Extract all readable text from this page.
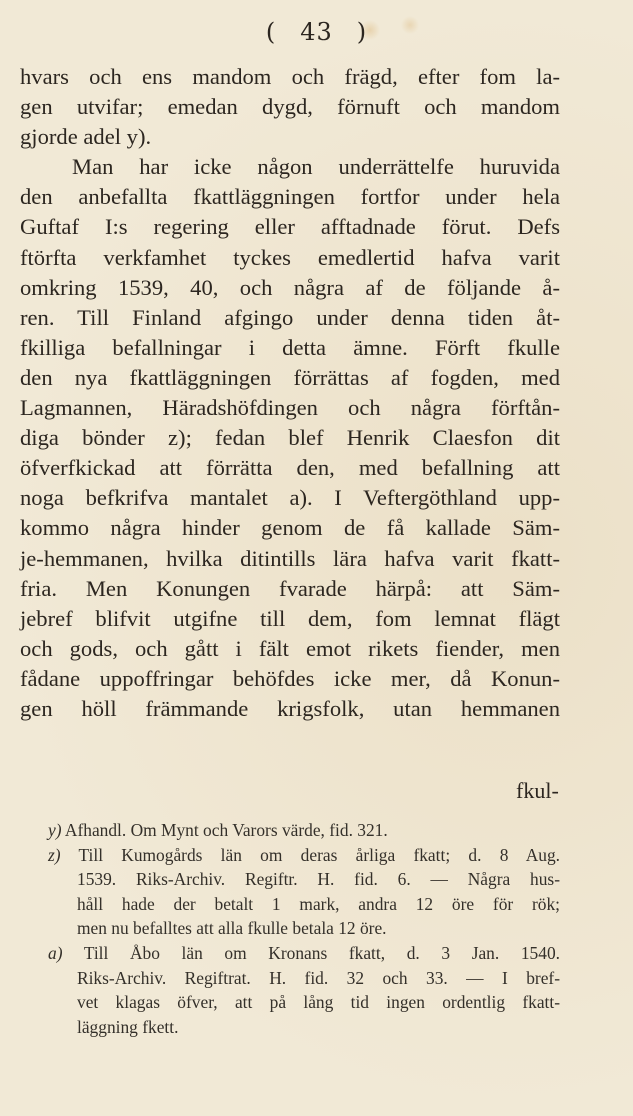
( 43 )
hvars och ens mandom och frägd, efter fom la-
gen utvifar; emedan dygd, förnuft och mandom
gjorde adel y).
Man har icke någon underrättelfe huruvida
den anbefallta fkattläggningen fortfor under hela
Guftaf I:s regering eller afftadnade förut. Defs
ftörfta verkfamhet tyckes emedlertid hafva varit
omkring 1539, 40, och några af de följande å-
ren. Till Finland afgingo under denna tiden åt-
fkilliga befallningar i detta ämne. Förft fkulle
den nya fkattläggningen förrättas af fogden, med
Lagmannen, Häradshöfdingen och några förftån-
diga bönder z); fedan blef Henrik Claesfon dit
öfverfkickad att förrätta den, med befallning att
noga befkrifva mantalet a). I Veftergöthland upp-
kommo några hinder genom de få kallade Säm-
je-hemmanen, hvilka ditintills lära hafva varit fkatt-
fria. Men Konungen fvarade härpå: att Säm-
jebref blifvit utgifne till dem, fom lemnat flägt
och gods, och gått i fält emot rikets fiender, men
fådane uppoffringar behöfdes icke mer, då Konun-
gen höll främmande krigsfolk, utan hemmanen
fkul-
y) Afhandl. Om Mynt och Varors värde, fid. 321.
z) Till Kumogårds län om deras årliga fkatt; d. 8 Aug.
1539. Riks-Archiv. Regiftr. H. fid. 6. — Några hus-
håll hade der betalt 1 mark, andra 12 öre för rök;
men nu befalltes att alla fkulle betala 12 öre.
a) Till Åbo län om Kronans fkatt, d. 3 Jan. 1540.
Riks-Archiv. Regiftrat. H. fid. 32 och 33. — I bref-
vet klagas öfver, att på lång tid ingen ordentlig fkatt-
läggning fkett.
